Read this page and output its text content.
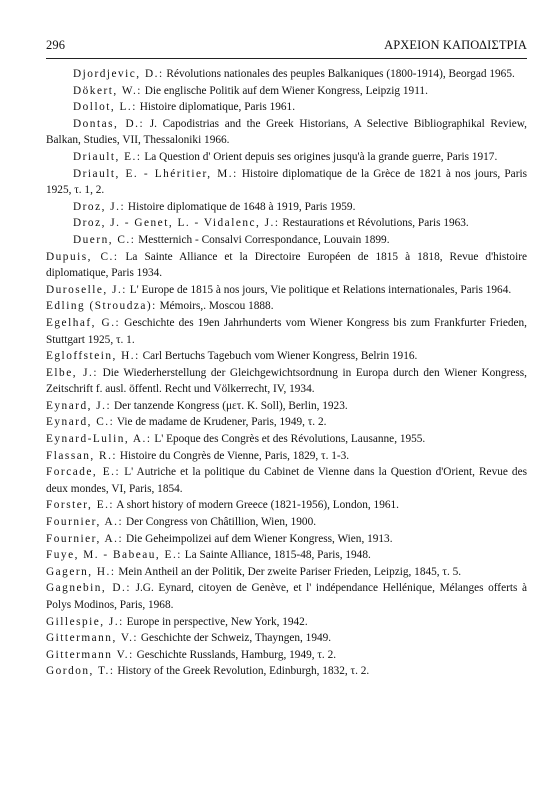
296	ΑΡΧΕΙΟΝ ΚΑΠΟΔΙΣΤΡΙΑ

Djordjevic, D.: Révolutions nationales des peuples Balkaniques (1800-1914), Beorgad 1965.

Dökert, W.: Die englische Politik auf dem Wiener Kongress, Leipzig 1911.

Dollot, L.: Histoire diplomatique, Paris 1961.

Dontas, D.: J. Capodistrias and the Greek Historians, A Selective Bibliographikal Review, Balkan, Studies, VII, Thessaloniki 1966.

Driault, E.: La Question d' Orient depuis ses origines jusqu'à la grande guerre, Paris 1917.

Driault, E. - Lhéritier, M.: Histoire diplomatique de la Grèce de 1821 à nos jours, Paris 1925, τ. 1, 2.

Droz, J.: Histoire diplomatique de 1648 à 1919, Paris 1959.

Droz, J. - Genet, L. - Vidalenc, J.: Restaurations et Révolutions, Paris 1963.

Duern, C.: Mestternich - Consalvi Correspondance, Louvain 1899.

Dupuis, C.: La Sainte Alliance et la Directoire Européen de 1815 à 1818, Revue d'histoire diplomatique, Paris 1934.

Duroselle, J.: L' Europe de 1815 à nos jours, Vie politique et Relations internationales, Paris 1964.

Edling (Stroudza): Mémoirs,. Moscou 1888.

Egelhaf, G.: Geschichte des 19en Jahrhunderts vom Wiener Kongress bis zum Frankfurter Frieden, Stuttgart 1925, τ. 1.

Egloffstein, H.: Carl Bertuchs Tagebuch vom Wiener Kongress, Belrin 1916.

Elbe, J.: Die Wiederherstellung der Gleichgewichtsordnung in Europa durch den Wiener Kongress, Zeitschrift f. ausl. öffentl. Recht und Völkerrecht, IV, 1934.

Eynard, J.: Der tanzende Kongress (μετ. K. Soll), Berlin, 1923.

Eynard, C.: Vie de madame de Krudener, Paris, 1949, τ. 2.

Eynard-Lulin, A.: L' Epoque des Congrès et des Révolutions, Lausanne, 1955.

Flassan, R.: Histoire du Congrès de Vienne, Paris, 1829, τ. 1-3.

Forcade, E.: L' Autriche et la politique du Cabinet de Vienne dans la Question d'Orient, Revue des deux mondes, VI, Paris, 1854.

Forster, E.: A short history of modern Greece (1821-1956), London, 1961.

Fournier, A.: Der Congress von Châtillion, Wien, 1900.

Fournier, A.: Die Geheimpolizei auf dem Wiener Kongress, Wien, 1913.

Fuye, M. - Babeau, E.: La Sainte Alliance, 1815-48, Paris, 1948.

Gagern, H.: Mein Antheil an der Politik, Der zweite Pariser Frieden, Leipzig, 1845, τ. 5.

Gagnebin, D.: J.G. Eynard, citoyen de Genève, et l' indépendance Hellénique, Mélanges offerts à Polys Modinos, Paris, 1968.

Gillespie, J.: Europe in perspective, New York, 1942.

Gittermann, V.: Geschichte der Schweiz, Thayngen, 1949.

Gittermann V.: Geschichte Russlands, Hamburg, 1949, τ. 2.

Gordon, T.: History of the Greek Revolution, Edinburgh, 1832, τ. 2.
